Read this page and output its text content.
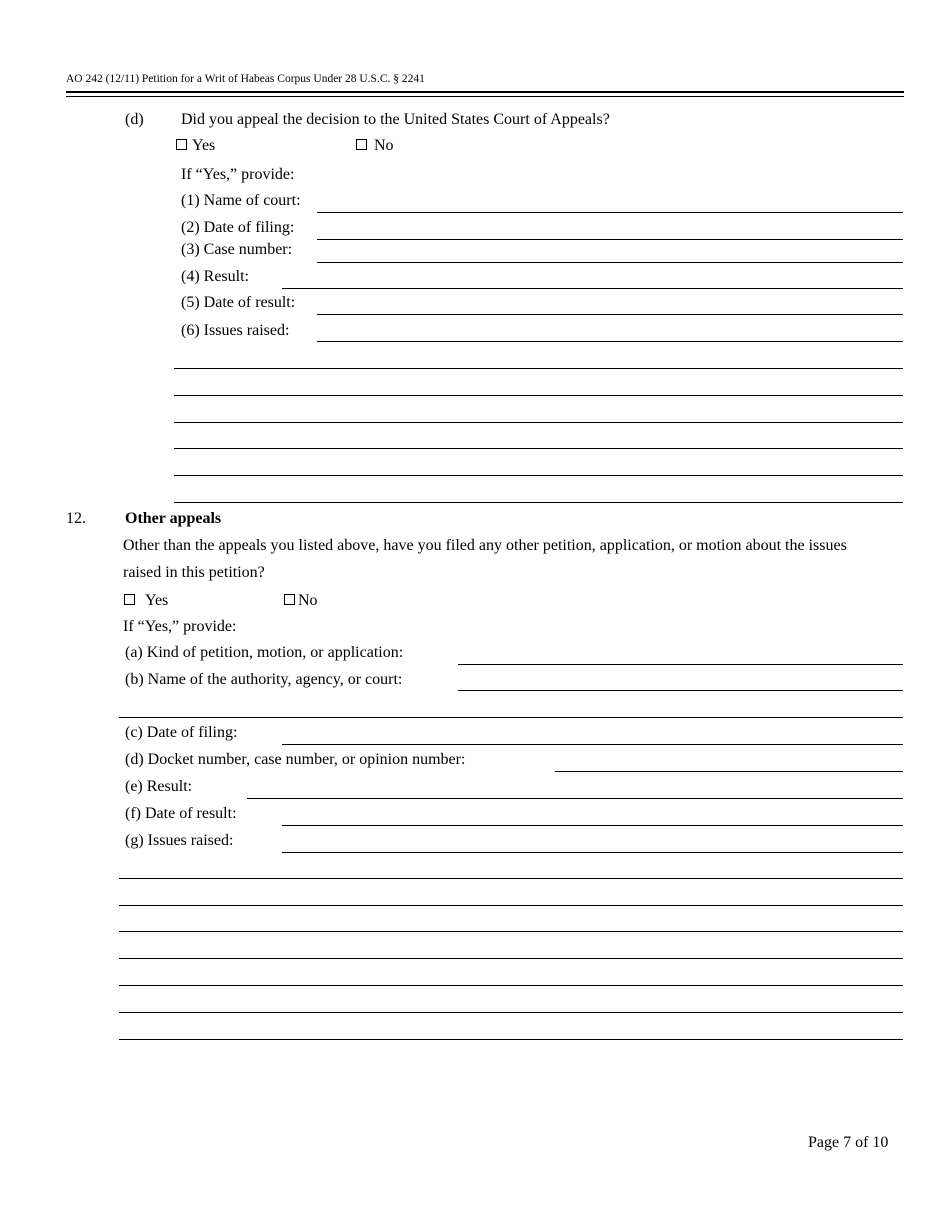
AO 242 (12/11) Petition for a Writ of Habeas Corpus Under 28 U.S.C. § 2241
(d) Did you appeal the decision to the United States Court of Appeals?
Yes	No
If “Yes,” provide:
(1) Name of court:
(2) Date of filing:
(3) Case number:
(4) Result:
(5) Date of result:
(6) Issues raised:
12. Other appeals
Other than the appeals you listed above, have you filed any other petition, application, or motion about the issues
raised in this petition?
Yes	No
If “Yes,” provide:
(a) Kind of petition, motion, or application:
(b) Name of the authority, agency, or court:
(c) Date of filing:
(d) Docket number, case number, or opinion number:
(e) Result:
(f) Date of result:
(g) Issues raised:
Page 7 of 10
